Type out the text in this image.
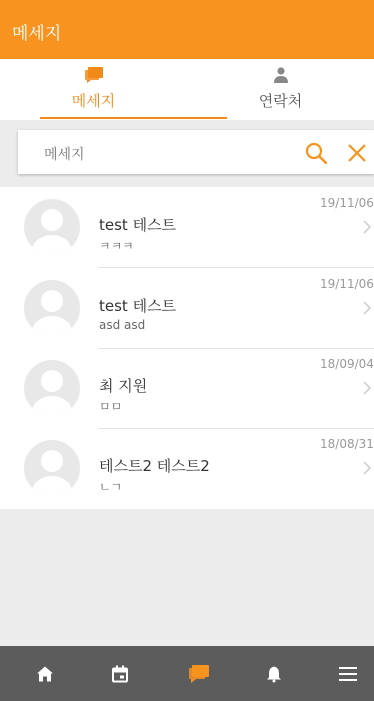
메세지
메세지	연락처
메세지
test 테스트
ㅋㅋㅋ
19/11/06
test 테스트
asd asd
19/11/06
최 지원
ㅁㅁ
18/09/04
테스트2 테스트2
ㄴㄱ
18/08/31
